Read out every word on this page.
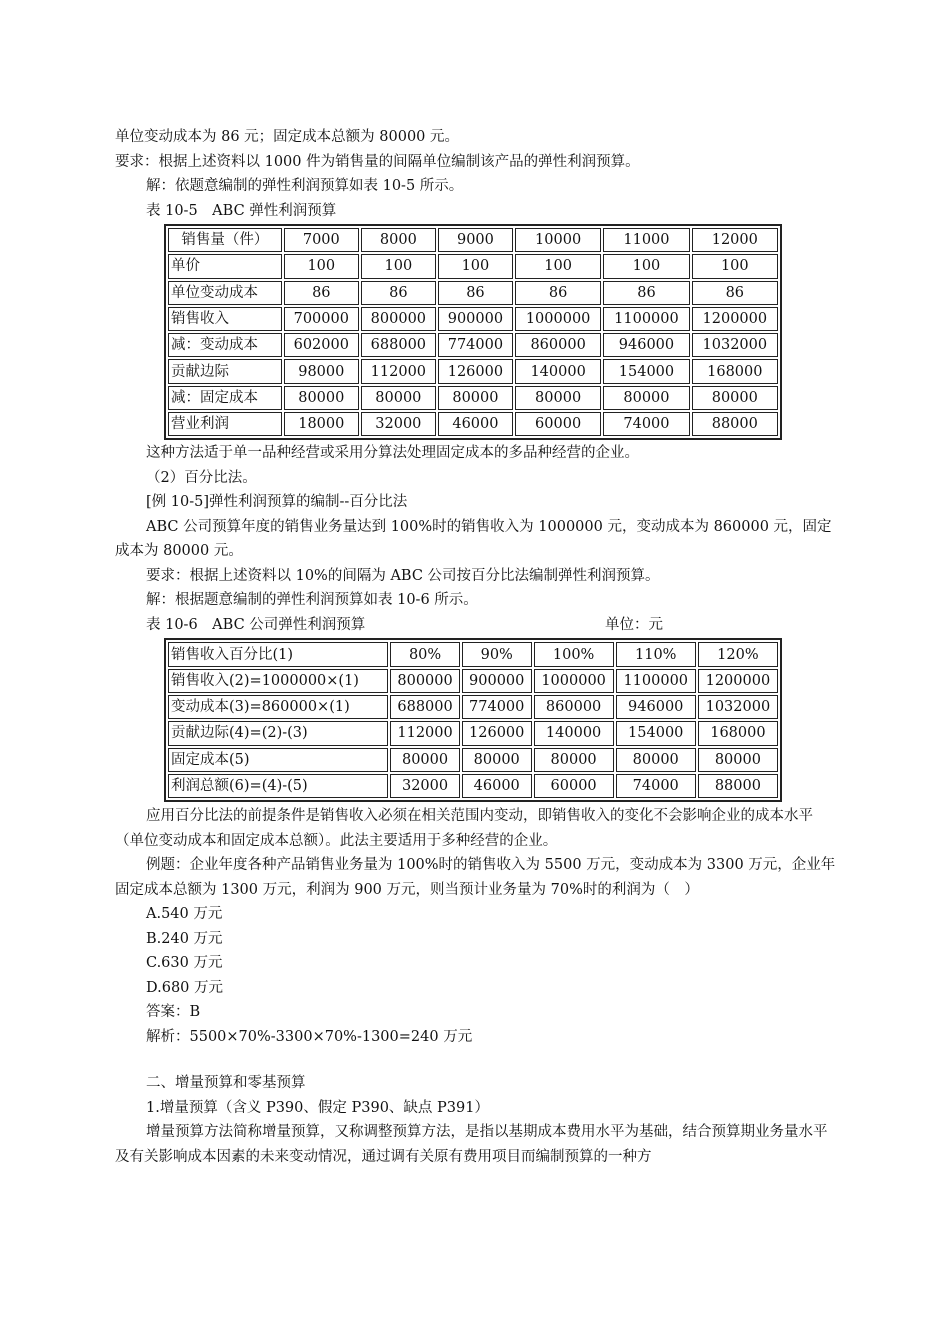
单位变动成本为 86 元；固定成本总额为 80000 元。
要求：根据上述资料以 1000 件为销售量的间隔单位编制该产品的弹性利润预算。
解：依题意编制的弹性利润预算如表 10-5 所示。
表 10-5　ABC 弹性利润预算
销售量（件）	7000	8000	9000	10000	11000	12000
单价	100	100	100	100	100	100
单位变动成本	86	86	86	86	86	86
销售收入	700000	800000	900000	1000000	1100000	1200000
减：变动成本	602000	688000	774000	860000	946000	1032000
贡献边际	98000	112000	126000	140000	154000	168000
减：固定成本	80000	80000	80000	80000	80000	80000
营业利润	18000	32000	46000	60000	74000	88000
这种方法适于单一品种经营或采用分算法处理固定成本的多品种经营的企业。
（2）百分比法。
[例 10-5]弹性利润预算的编制--百分比法
ABC 公司预算年度的销售业务量达到 100%时的销售收入为 1000000 元，变动成本为 860000 元，固定成本为 80000 元。
要求：根据上述资料以 10%的间隔为 ABC 公司按百分比法编制弹性利润预算。
解：根据题意编制的弹性利润预算如表 10-6 所示。
表 10-6　ABC 公司弹性利润预算	单位：元
销售收入百分比(1)	80%	90%	100%	110%	120%
销售收入(2)=1000000×(1)	800000	900000	1000000	1100000	1200000
变动成本(3)=860000×(1)	688000	774000	860000	946000	1032000
贡献边际(4)=(2)-(3)	112000	126000	140000	154000	168000
固定成本(5)	80000	80000	80000	80000	80000
利润总额(6)=(4)-(5)	32000	46000	60000	74000	88000
应用百分比法的前提条件是销售收入必须在相关范围内变动，即销售收入的变化不会影响企业的成本水平（单位变动成本和固定成本总额）。此法主要适用于多种经营的企业。
例题：企业年度各种产品销售业务量为 100%时的销售收入为 5500 万元，变动成本为 3300 万元，企业年固定成本总额为 1300 万元，利润为 900 万元，则当预计业务量为 70%时的利润为（　）
A.540 万元
B.240 万元
C.630 万元
D.680 万元
答案：B
解析：5500×70%-3300×70%-1300=240 万元
二、增量预算和零基预算
1.增量预算（含义 P390、假定 P390、缺点 P391）
增量预算方法简称增量预算，又称调整预算方法，是指以基期成本费用水平为基础，结合预算期业务量水平及有关影响成本因素的未来变动情况，通过调有关原有费用项目而编制预算的一种方
